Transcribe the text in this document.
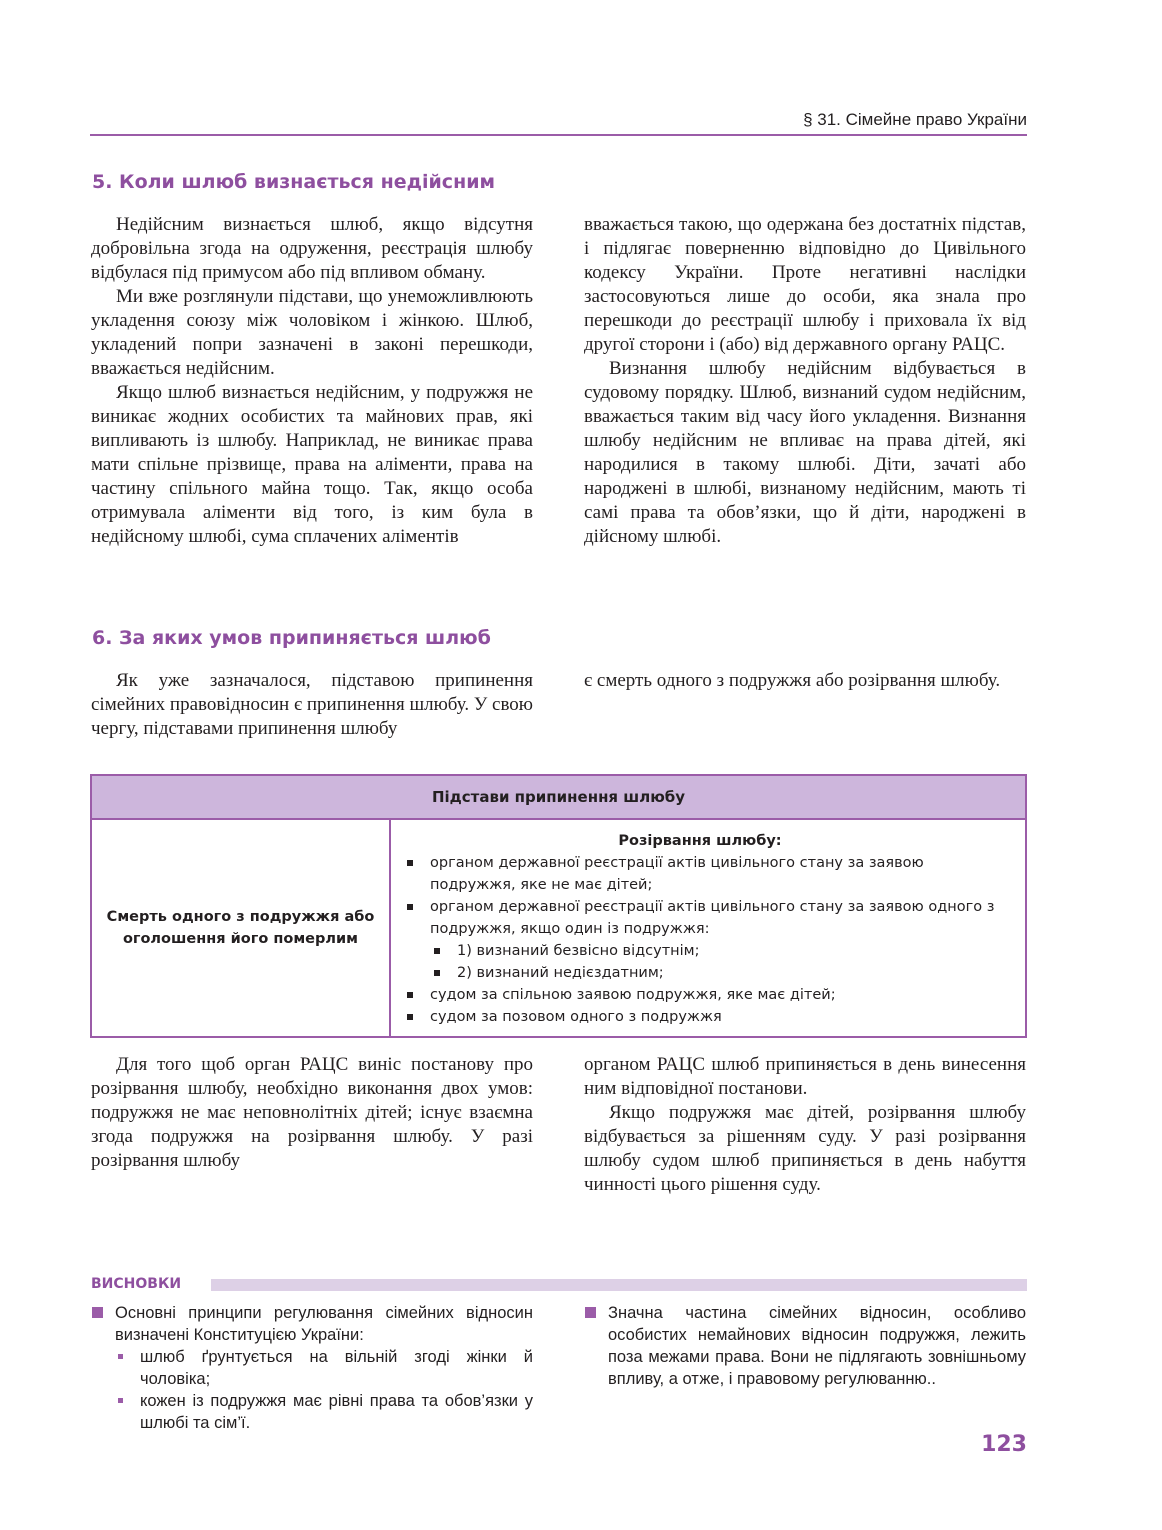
§ 31. Сімейне право України
5. Коли шлюб визнається недійсним

Недійсним визнається шлюб, якщо відсутня добровільна згода на одруження, реєстрація шлюбу відбулася під примусом або під впливом обману.

Ми вже розглянули підстави, що унеможливлюють укладення союзу між чоловіком і жінкою. Шлюб, укладений попри зазначені в законі перешкоди, вважається недійсним.

Якщо шлюб визнається недійсним, у подружжя не виникає жодних особистих та майнових прав, які випливають із шлюбу. Наприклад, не виникає права мати спільне прізвище, права на аліменти, права на частину спільного майна тощо. Так, якщо особа отримувала аліменти від того, із ким була в недійсному шлюбі, сума сплачених аліментів

вважається такою, що одержана без достатніх підстав, і підлягає поверненню відповідно до Цивільного кодексу України. Проте негативні наслідки застосовуються лише до особи, яка знала про перешкоди до реєстрації шлюбу і приховала їх від другої сторони і (або) від державного органу РАЦС.

Визнання шлюбу недійсним відбувається в судовому порядку. Шлюб, визнаний судом недійсним, вважається таким від часу його укладення. Визнання шлюбу недійсним не впливає на права дітей, які народилися в такому шлюбі. Діти, зачаті або народжені в шлюбі, визнаному недійсним, мають ті самі права та обов’язки, що й діти, народжені в дійсному шлюбі.

6. За яких умов припиняється шлюб

Як уже зазначалося, підставою припинення сімейних правовідносин є припинення шлюбу. У свою чергу, підставами припинення шлюбу

є смерть одного з подружжя або розірвання шлюбу.

Підстави припинення шлюбу
Смерть одного з подружжя або оголошення його померлим	
Розірвання шлюбу:
органом державної реєстрації актів цивільного стану за заявою подружжя, яке не має дітей;
органом державної реєстрації актів цивільного стану за заявою одного з подружжя, якщо один із подружжя:
1) визнаний безвісно відсутнім;
2) визнаний недієздатним;
судом за спільною заявою подружжя, яке має дітей;
судом за позовом одного з подружжя

Для того щоб орган РАЦС виніс постанову про розірвання шлюбу, необхідно виконання двох умов: подружжя не має неповнолітніх дітей; існує взаємна згода подружжя на розірвання шлюбу. У разі розірвання шлюбу

органом РАЦС шлюб припиняється в день винесення ним відповідної постанови.

Якщо подружжя має дітей, розірвання шлюбу відбувається за рішенням суду. У разі розірвання шлюбу судом шлюб припиняється в день набуття чинності цього рішення суду.

ВИСНОВКИ
Основні принципи регулювання сімейних відносин визначені Конституцією України:
шлюб ґрунтується на вільній згоді жінки й чоловіка;
кожен із подружжя має рівні права та обов’язки у шлюбі та сім’ї.
Значна частина сімейних відносин, особливо особистих немайнових відносин подружжя, лежить поза межами права. Вони не підлягають зовнішньому впливу, а отже, і правовому регулюванню..
123
